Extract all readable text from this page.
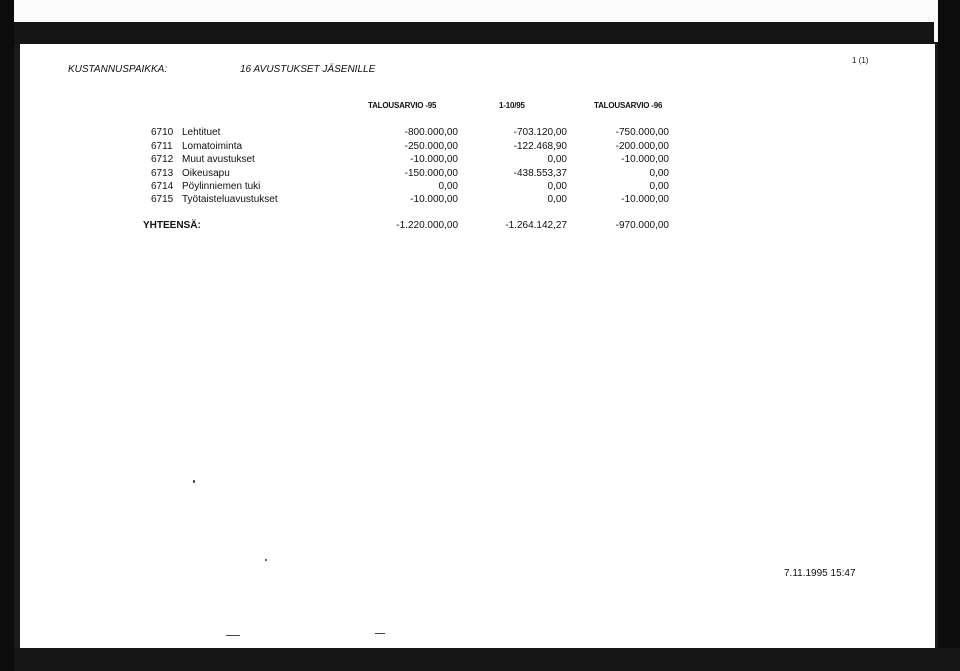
KUSTANNUSPAIKKA:	16 AVUSTUKSET JÄSENILLE
1 (1)
TALOUSARVIO -95	1-10/95	TALOUSARVIO -96
6710 Lehtituet	-800.000,00	-703.120,00	-750.000,00
6711 Lomatoiminta	-250.000,00	-122.468,90	-200.000,00
6712 Muut avustukset	-10.000,00	0,00	-10.000,00
6713 Oikeusapu	-150.000,00	-438.553,37	0,00
6714 Pöylinniemen tuki	0,00	0,00	0,00
6715 Työtaisteluavustukset	-10.000,00	0,00	-10.000,00
YHTEENSÄ:	-1.220.000,00	-1.264.142,27	-970.000,00
7.11.1995 15:47
